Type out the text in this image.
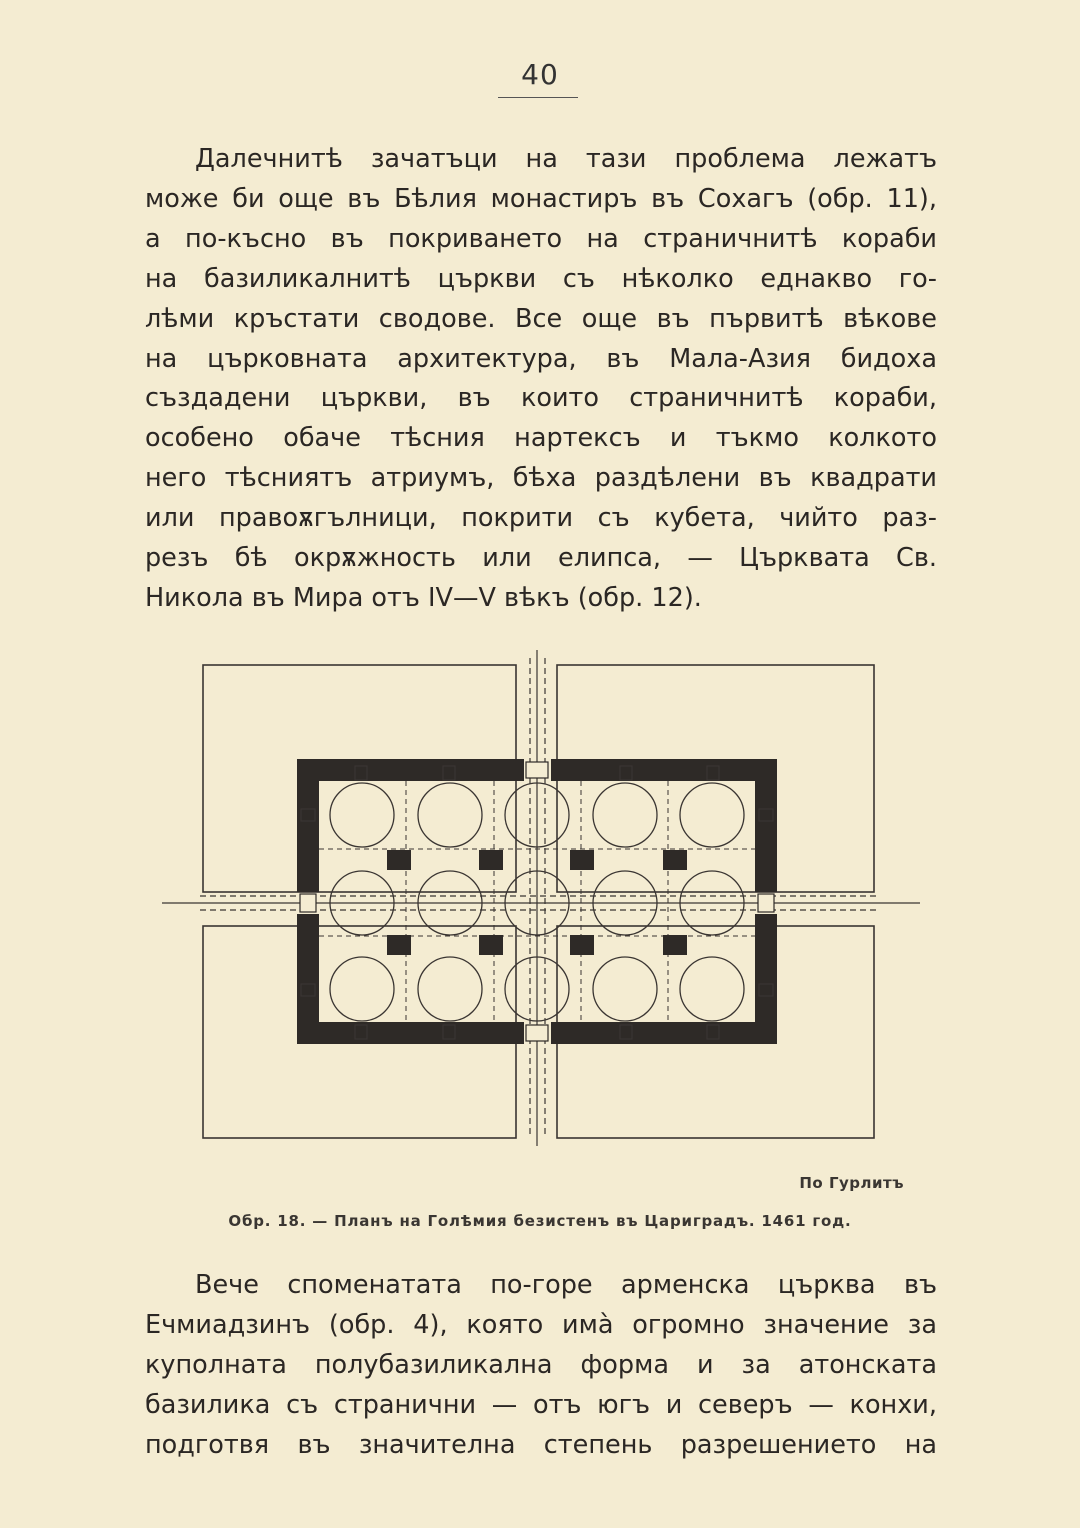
40

Далечнитѣ зачатъци на тази проблема лежатъ
може би още въ Бѣлия монастиръ въ Сохагъ (обр. 11),
а по-късно въ покриването на страничнитѣ кораби
на базиликалнитѣ църкви съ нѣколко еднакво го-
лѣми кръстати сводове. Все още въ първитѣ вѣкове
на църковната архитектура, въ Мала-Азия бидоха
създадени църкви, въ които страничнитѣ кораби,
особено обаче тѣсния нартексъ и тъкмо колкото
него тѣсниятъ атриумъ, бѣха раздѣлени въ квадрати
или правоѫгълници, покрити съ кубета, чийто раз-
резъ бѣ окрѫжность или елипса, — Църквата Св.
Никола въ Мира отъ IV—V вѣкъ (обр. 12).

По Гурлитъ
Обр. 18. — Планъ на Голѣмия безистенъ въ Цариградъ. 1461 год.

Вече споменатата по-горе арменска църква въ
Ечмиадзинъ (обр. 4), която имà огромно значение за
куполната полубазиликална форма и за атонската
базилика съ странични — отъ югъ и северъ — конхи,
подготвя въ значителна степень разрешението на
